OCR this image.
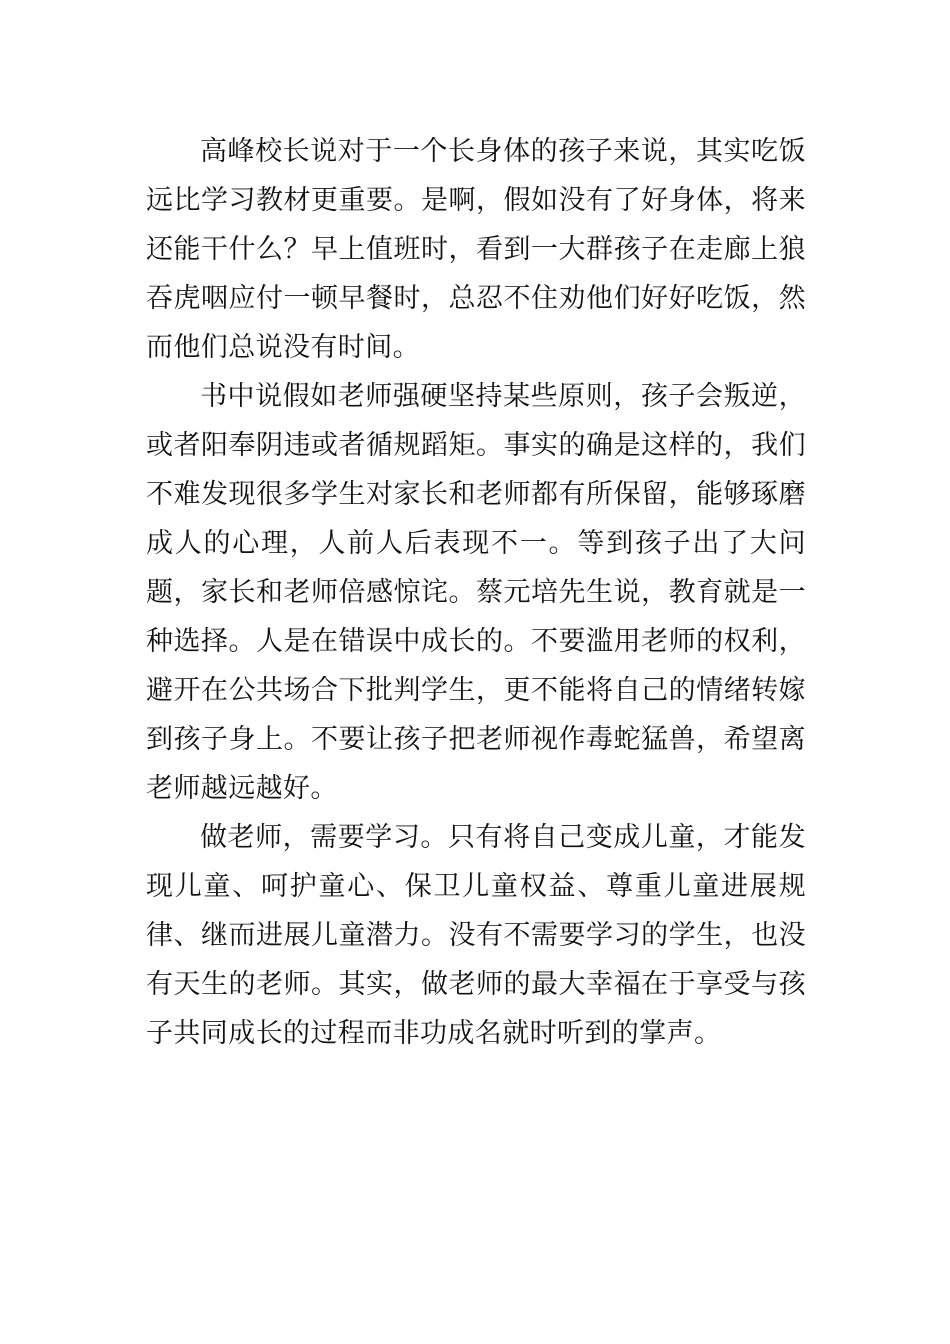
高峰校长说对于一个长身体的孩子来说，其实吃饭远比学习教材更重要。是啊，假如没有了好身体，将来还能干什么？早上值班时，看到一大群孩子在走廊上狼吞虎咽应付一顿早餐时，总忍不住劝他们好好吃饭，然而他们总说没有时间。

书中说假如老师强硬坚持某些原则，孩子会叛逆，或者阳奉阴违或者循规蹈矩。事实的确是这样的，我们不难发现很多学生对家长和老师都有所保留，能够琢磨成人的心理，人前人后表现不一。等到孩子出了大问题，家长和老师倍感惊诧。蔡元培先生说，教育就是一种选择。人是在错误中成长的。不要滥用老师的权利，避开在公共场合下批判学生，更不能将自己的情绪转嫁到孩子身上。不要让孩子把老师视作毒蛇猛兽，希望离老师越远越好。

做老师，需要学习。只有将自己变成儿童，才能发现儿童、呵护童心、保卫儿童权益、尊重儿童进展规律、继而进展儿童潜力。没有不需要学习的学生，也没有天生的老师。其实，做老师的最大幸福在于享受与孩子共同成长的过程而非功成名就时听到的掌声。
